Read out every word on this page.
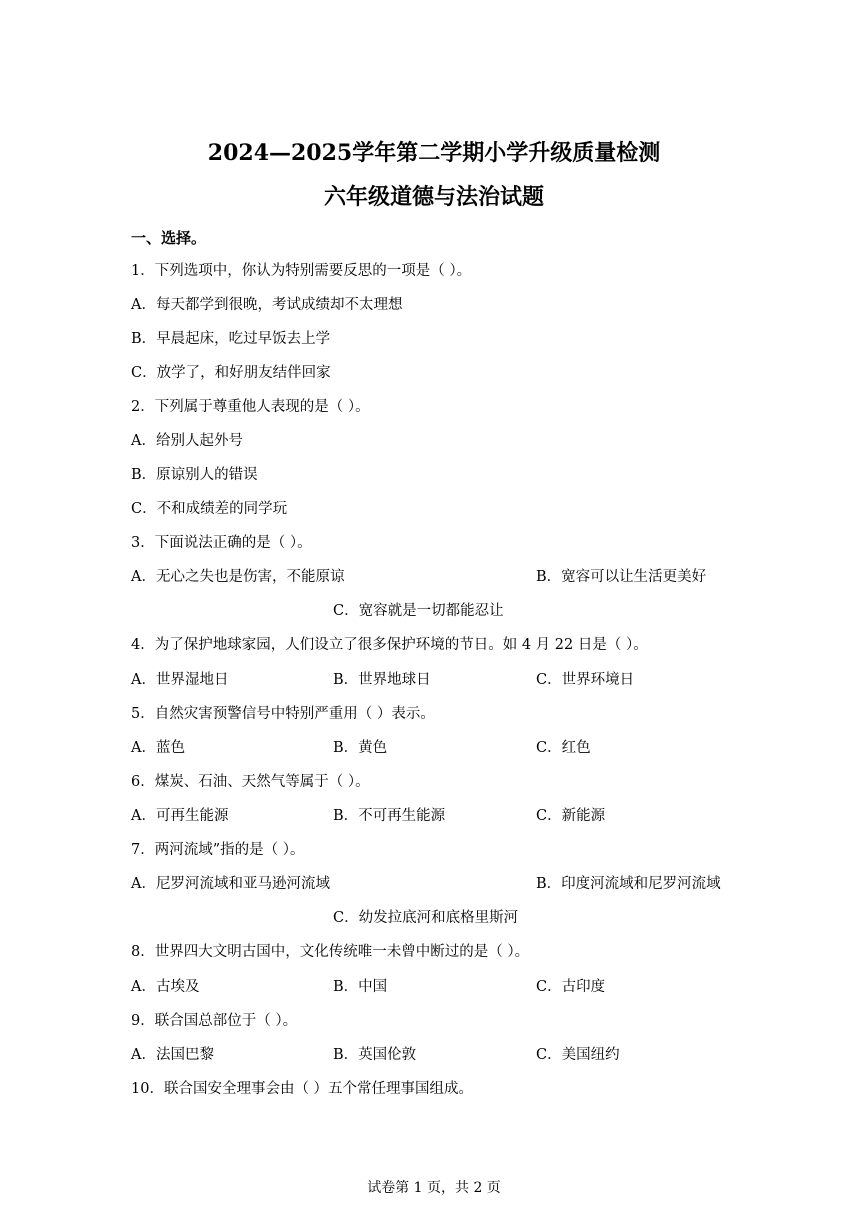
2024—2025学年第二学期小学升级质量检测
六年级道德与法治试题
一、选择。
1．下列选项中，你认为特别需要反思的一项是（ ）。
A．每天都学到很晚，考试成绩却不太理想
B．早晨起床，吃过早饭去上学
C．放学了，和好朋友结伴回家
2．下列属于尊重他人表现的是（ ）。
A．给别人起外号
B．原谅别人的错误
C．不和成绩差的同学玩
3．下面说法正确的是（ ）。
A．无心之失也是伤害，不能原谅	B．宽容可以让生活更美好
C．宽容就是一切都能忍让
4．为了保护地球家园，人们设立了很多保护环境的节日。如 4 月 22 日是（ ）。
A．世界湿地日	B．世界地球日	C．世界环境日
5．自然灾害预警信号中特别严重用（ ）表示。
A．蓝色	B．黄色	C．红色
6．煤炭、石油、天然气等属于（ ）。
A．可再生能源	B．不可再生能源	C．新能源
7．两河流域”指的是（ ）。
A．尼罗河流域和亚马逊河流域	B．印度河流域和尼罗河流域
C．幼发拉底河和底格里斯河
8．世界四大文明古国中，文化传统唯一未曾中断过的是（ ）。
A．古埃及	B．中国	C．古印度
9．联合国总部位于（ ）。
A．法国巴黎	B．英国伦敦	C．美国纽约
10．联合国安全理事会由（ ）五个常任理事国组成。
试卷第 1 页，共 2 页
